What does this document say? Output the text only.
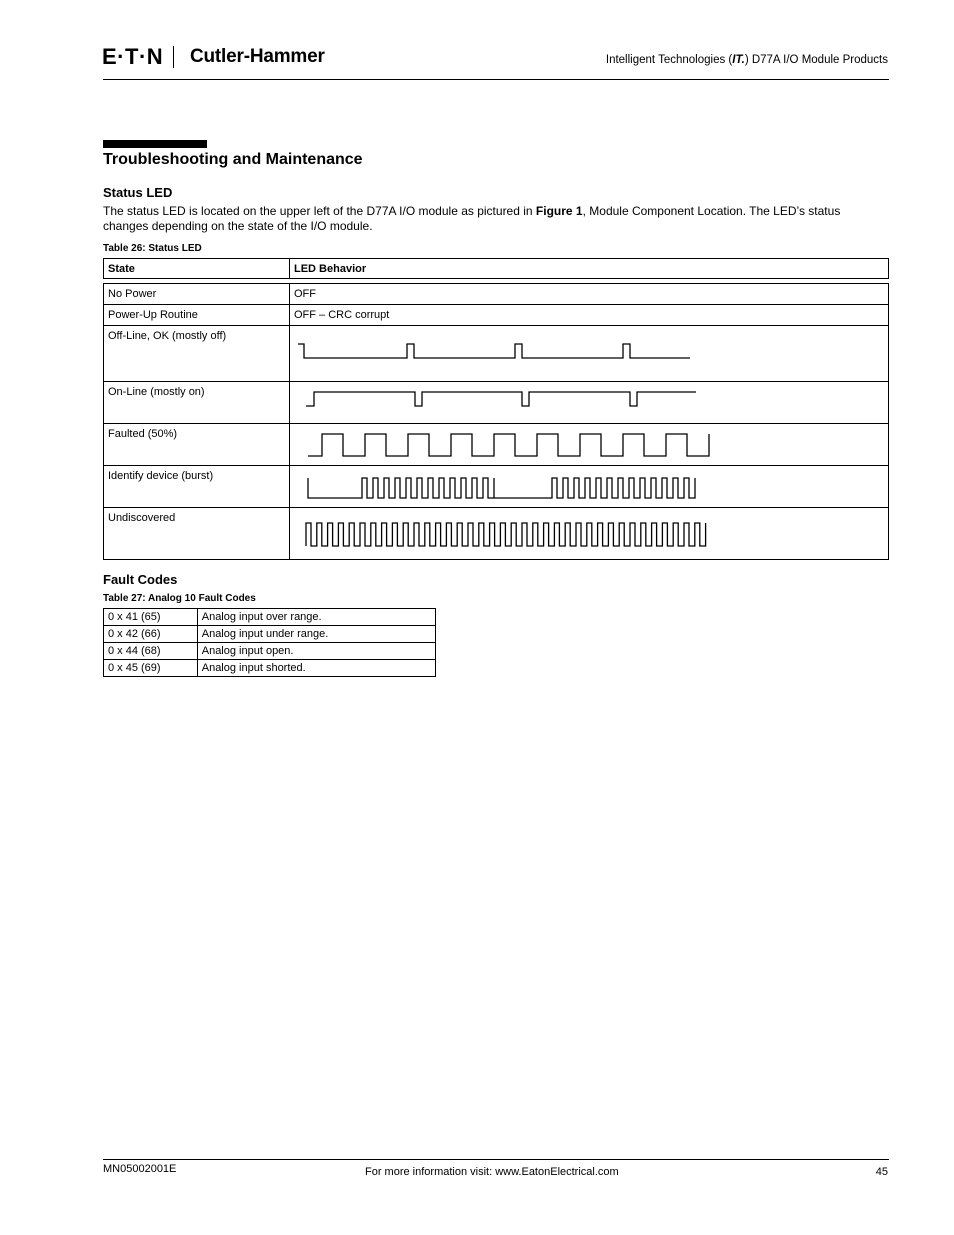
E·T·N Cutler-Hammer	Intelligent Technologies (IT.) D77A I/O Module Products
Troubleshooting and Maintenance
Status LED
The status LED is located on the upper left of the D77A I/O module as pictured in Figure 1, Module Component Location. The LED’s status changes depending on the state of the I/O module.
Table 26: Status LED
State	LED Behavior

No Power	OFF
Power-Up Routine	OFF – CRC corrupt
Off-Line, OK (mostly off)	

On-Line (mostly on)	

Faulted (50%)	

Identify device (burst)	

Undiscovered	
Fault Codes
Table 27: Analog 10 Fault Codes
0 x 41 (65)	Analog input over range.
0 x 42 (66)	Analog input under range.
0 x 44 (68)	Analog input open.
0 x 45 (69)	Analog input shorted.
MN05002001E	For more information visit: www.EatonElectrical.com	45
